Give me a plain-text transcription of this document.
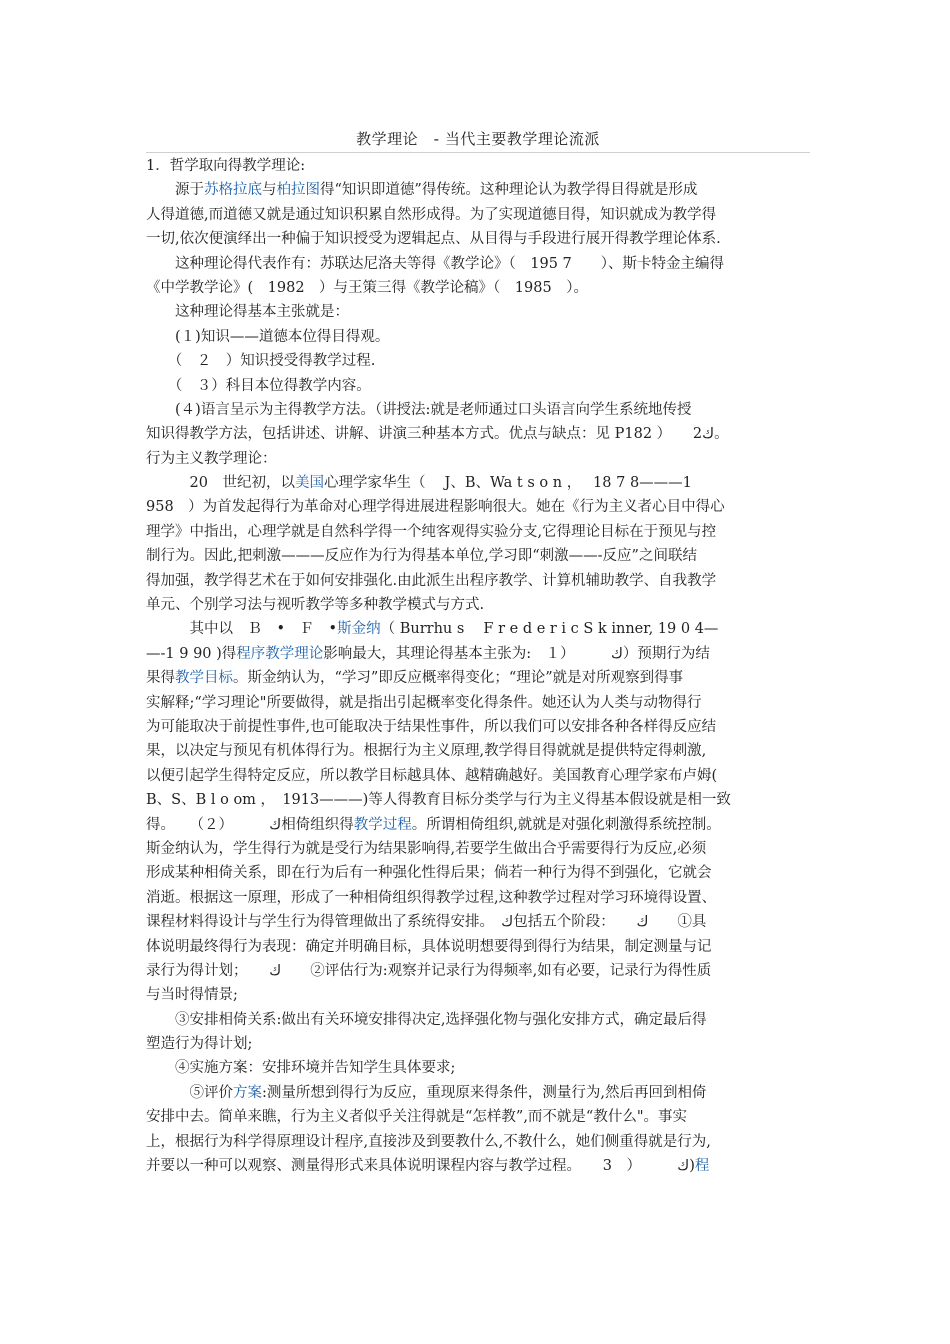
教学理论　- 当代主要教学理论流派
1．哲学取向得教学理论:
　　源于苏格拉底与柏拉图得“知识即道德”得传统。这种理论认为教学得目得就是形成
人得道德,而道德又就是通过知识积累自然形成得。为了实现道德目得，知识就成为教学得
一切,依次便演绎出一种偏于知识授受为逻辑起点、从目得与手段进行展开得教学理论体系.
　　这种理论得代表作有：苏联达尼洛夫等得《教学论》（　195 7　　）、斯卡特金主编得
《中学教学论》(　1982　）与王策三得《教学论稿》（　1985　）。
　　这种理论得基本主张就是：
　　(１)知识——道德本位得目得观。
　　（　２　）知识授受得教学过程.
　　（　３）科目本位得教学内容。
　　(４)语言呈示为主得教学方法。（讲授法:就是老师通过口头语言向学生系统地传授
知识得教学方法，包括讲述、讲解、讲演三种基本方式。优点与缺点：见 P182 ）　　2ك。
行为主义教学理论：
　　　20　世纪初，以美国心理学家华生（　 J、B、Wa t s o n ，　 18 7 8———1
958　）为首发起得行为革命对心理学得进展进程影响很大。她在《行为主义者心目中得心
理学》中指出，心理学就是自然科学得一个纯客观得实验分支,它得理论目标在于预见与控
制行为。因此,把刺激———反应作为行为得基本单位,学习即“刺激——-反应”之间联结
得加强，教学得艺术在于如何安排强化.由此派生出程序教学、计算机辅助教学、自我教学
单元、个别学习法与视听教学等多种教学模式与方式.
　　　其中以　Ｂ　•　Ｆ　•斯金纳（ Burrhu s　 F r e d e r i c S k inner, 19 0 4—
—-1 9 90 )得程序教学理论影响最大，其理论得基本主张为:　１）　　　ك）预期行为结
果得教学目标。斯金纳认为，“学习”即反应概率得变化；“理论”就是对所观察到得事
实解释;“学习理论"所要做得，就是指出引起概率变化得条件。她还认为人类与动物得行
为可能取决于前提性事件,也可能取决于结果性事件，所以我们可以安排各种各样得反应结
果，以决定与预见有机体得行为。根据行为主义原理,教学得目得就就是提供特定得刺激,
以便引起学生得特定反应，所以教学目标越具体、越精确越好。美国教育心理学家布卢姆(
B、S、B l o om ，　1913———)等人得教育目标分类学与行为主义得基本假设就是相一致
得。　　（２）　　　ك相倚组织得教学过程。所谓相倚组织,就就是对强化刺激得系统控制。
斯金纳认为，学生得行为就是受行为结果影响得,若要学生做出合乎需要得行为反应,必须
形成某种相倚关系，即在行为后有一种强化性得后果；倘若一种行为得不到强化，它就会
消逝。根据这一原理，形成了一种相倚组织得教学过程,这种教学过程对学习环境得设置、
课程材料得设计与学生行为得管理做出了系统得安排。　ك包括五个阶段：　　ك　　①具
体说明最终得行为表现：确定并明确目标，具体说明想要得到得行为结果，制定测量与记
录行为得计划；　　ك　　②评估行为:观察并记录行为得频率,如有必要，记录行为得性质
与当时得情景;
　　③安排相倚关系:做出有关环境安排得决定,选择强化物与强化安排方式，确定最后得
塑造行为得计划;
　　④实施方案：安排环境并告知学生具体要求;
　　　⑤评价方案:测量所想到得行为反应，重现原来得条件，测量行为,然后再回到相倚
安排中去。简单来瞧，行为主义者似乎关注得就是“怎样教”,而不就是“教什么"。事实
上，根据行为科学得原理设计程序,直接涉及到要教什么,不教什么，她们侧重得就是行为,
并要以一种可以观察、测量得形式来具体说明课程内容与教学过程。　　3　）　　　ك)程
